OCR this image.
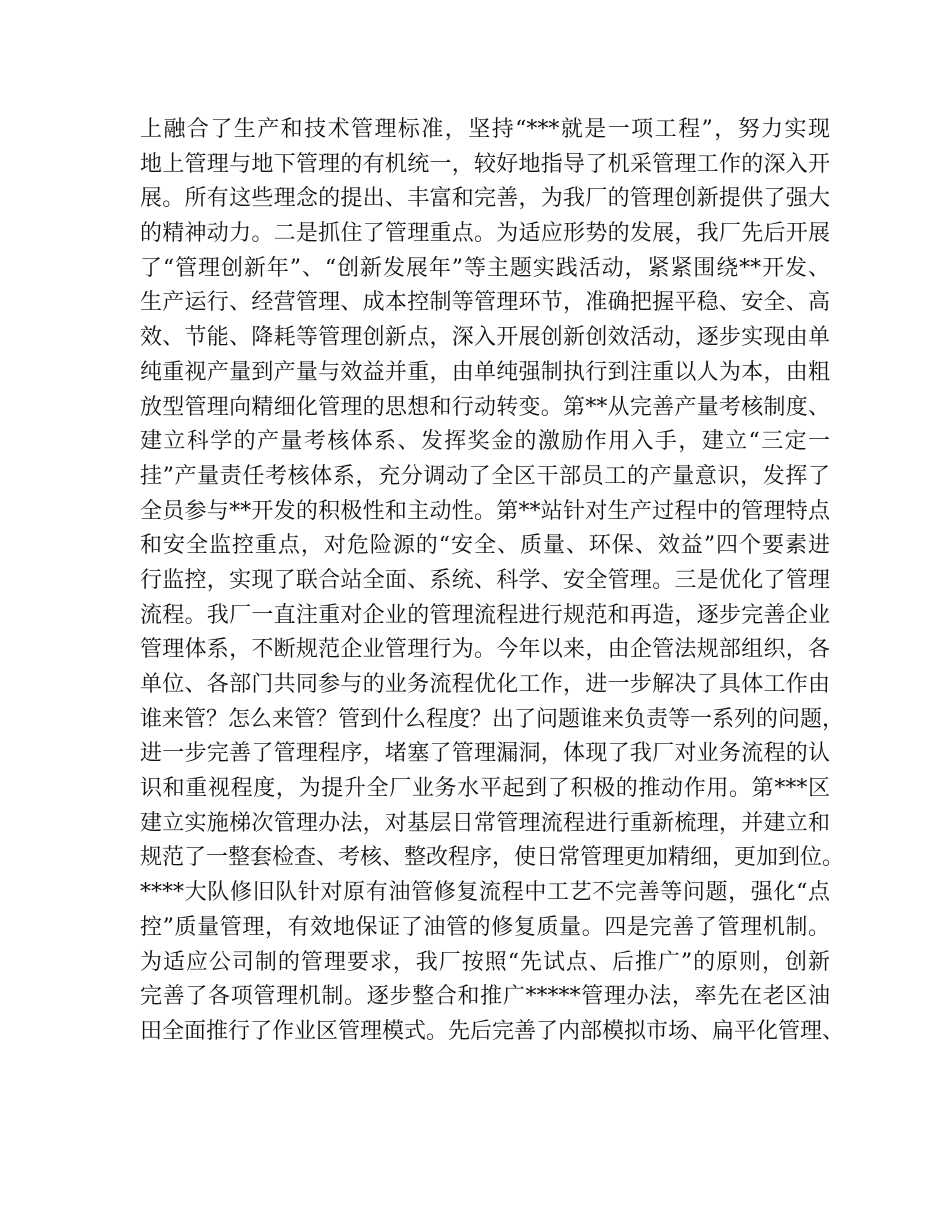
上融合了生产和技术管理标准，坚持“***就是一项工程”，努力实现
地上管理与地下管理的有机统一，较好地指导了机采管理工作的深入开
展。所有这些理念的提出、丰富和完善，为我厂的管理创新提供了强大
的精神动力。二是抓住了管理重点。为适应形势的发展，我厂先后开展
了“管理创新年”、“创新发展年”等主题实践活动，紧紧围绕**开发、
生产运行、经营管理、成本控制等管理环节，准确把握平稳、安全、高
效、节能、降耗等管理创新点，深入开展创新创效活动，逐步实现由单
纯重视产量到产量与效益并重，由单纯强制执行到注重以人为本，由粗
放型管理向精细化管理的思想和行动转变。第**从完善产量考核制度、
建立科学的产量考核体系、发挥奖金的激励作用入手，建立“三定一
挂”产量责任考核体系，充分调动了全区干部员工的产量意识，发挥了
全员参与**开发的积极性和主动性。第**站针对生产过程中的管理特点
和安全监控重点，对危险源的“安全、质量、环保、效益”四个要素进
行监控，实现了联合站全面、系统、科学、安全管理。三是优化了管理
流程。我厂一直注重对企业的管理流程进行规范和再造，逐步完善企业
管理体系，不断规范企业管理行为。今年以来，由企管法规部组织，各
单位、各部门共同参与的业务流程优化工作，进一步解决了具体工作由
谁来管？怎么来管？管到什么程度？出了问题谁来负责等一系列的问题，
进一步完善了管理程序，堵塞了管理漏洞，体现了我厂对业务流程的认
识和重视程度，为提升全厂业务水平起到了积极的推动作用。第***区
建立实施梯次管理办法，对基层日常管理流程进行重新梳理，并建立和
规范了一整套检查、考核、整改程序，使日常管理更加精细，更加到位。
****大队修旧队针对原有油管修复流程中工艺不完善等问题，强化“点
控”质量管理，有效地保证了油管的修复质量。四是完善了管理机制。
为适应公司制的管理要求，我厂按照“先试点、后推广”的原则，创新
完善了各项管理机制。逐步整合和推广*****管理办法，率先在老区油
田全面推行了作业区管理模式。先后完善了内部模拟市场、扁平化管理、
